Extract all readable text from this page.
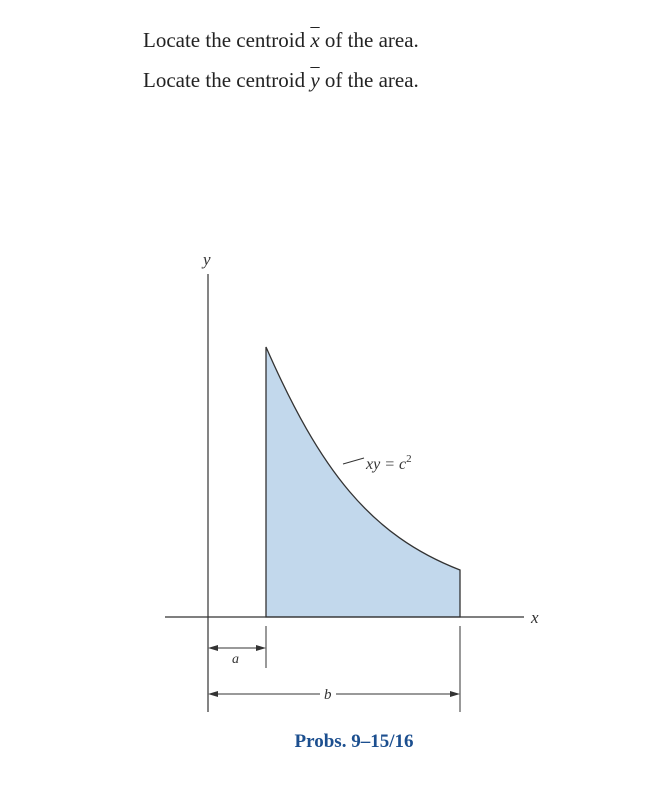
Locate the centroid $\overline{x}$ of the area.
Locate the centroid $\overline{y}$ of the area.
y
x
xy = $c^2$
a
b
Probs. 9–15/16
